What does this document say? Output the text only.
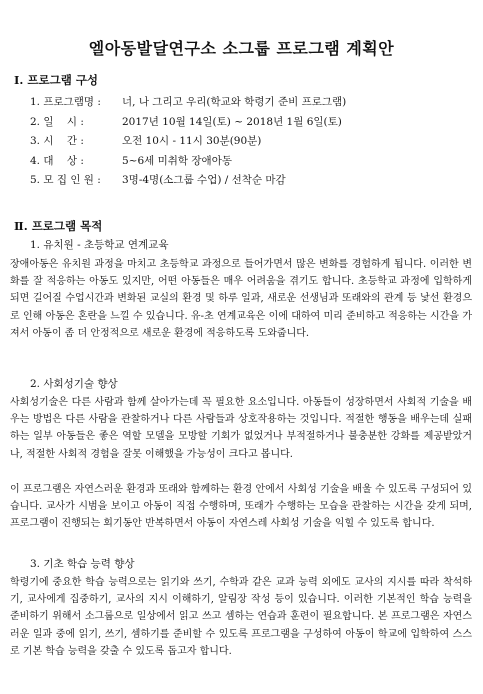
엘아동발달연구소 소그룹 프로그램 계획안
Ⅰ. 프로그램 구성
1. 프로그램명 :	너, 나 그리고 우리(학교와 학령기 준비 프로그램)
2. 일    시 :	2017년 10월 14일(토) ~ 2018년 1월 6일(토)
3. 시    간 :	오전 10시 - 11시 30분(90분)
4. 대    상 :	5~6세 미취학 장애아동
5. 모 집 인 원 :	3명-4명(소그룹 수업) / 선착순 마감
Ⅱ. 프로그램 목적
1. 유치원 - 초등학교 연계교육

장애아동은 유치원 과정을 마치고 초등학교 과정으로 들어가면서 많은 변화를 경험하게 됩니다. 이러한 변화를 잘 적응하는 아동도 있지만, 어떤 아동들은 매우 어려움을 겪기도 합니다. 초등학교 과정에 입학하게 되면 길어질 수업시간과 변화된 교실의 환경 및 하루 일과, 새로운 선생님과 또래와의 관계 등 낯선 환경으로 인해 아동은 혼란을 느낄 수 있습니다. 유-초 연계교육은 이에 대하여 미리 준비하고 적응하는 시간을 가져서 아동이 좀 더 안정적으로 새로운 환경에 적응하도록 도와줍니다.

2. 사회성기술 향상

사회성기술은 다른 사람과 함께 살아가는데 꼭 필요한 요소입니다. 아동들이 성장하면서 사회적 기술을 배우는 방법은 다른 사람을 관찰하거나 다른 사람들과 상호작용하는 것입니다. 적절한 행동을 배우는데 실패하는 일부 아동들은 좋은 역할 모델을 모방할 기회가 없었거나 부적절하거나 불충분한 강화를 제공받았거나, 적절한 사회적 경험을 잘못 이해했을 가능성이 크다고 봅니다.

이 프로그램은 자연스러운 환경과 또래와 함께하는 환경 안에서 사회성 기술을 배울 수 있도록 구성되어 있습니다. 교사가 시범을 보이고 아동이 직접 수행하며, 또래가 수행하는 모습을 관찰하는 시간을 갖게 되며, 프로그램이 진행되는 회기동안 반복하면서 아동이 자연스레 사회성 기술을 익힐 수 있도록 합니다.

3. 기초 학습 능력 향상

학령기에 중요한 학습 능력으로는 읽기와 쓰기, 수학과 같은 교과 능력 외에도 교사의 지시를 따라 착석하기, 교사에게 집중하기, 교사의 지시 이해하기, 알림장 작성 등이 있습니다. 이러한 기본적인 학습 능력을 준비하기 위해서 소그룹으로 일상에서 읽고 쓰고 셈하는 연습과 훈련이 필요합니다. 본 프로그램은 자연스러운 일과 중에 읽기, 쓰기, 셈하기를 준비할 수 있도록 프로그램을 구성하여 아동이 학교에 입학하여 스스로 기본 학습 능력을 갖출 수 있도록 돕고자 합니다.
